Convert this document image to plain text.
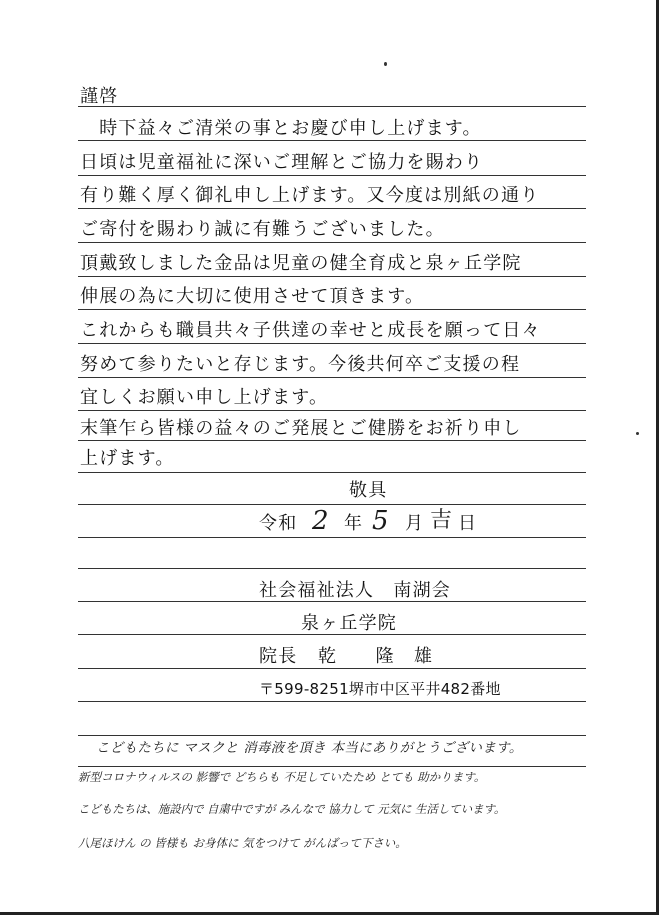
謹啓
　時下益々ご清栄の事とお慶び申し上げます。
日頃は児童福祉に深いご理解とご協力を賜わり
有り難く厚く御礼申し上げます。又今度は別紙の通り
ご寄付を賜わり誠に有難うございました。
頂戴致しました金品は児童の健全育成と泉ヶ丘学院
伸展の為に大切に使用させて頂きます。
これからも職員共々子供達の幸せと成長を願って日々
努めて参りたいと存じます。今後共何卒ご支援の程
宜しくお願い申し上げます。
末筆乍ら皆様の益々のご発展とご健勝をお祈り申し
上げます。
敬具
令和 2 年 5 月 吉 日
社会福祉法人　南湖会
泉ヶ丘学院
院長 乾　　隆　雄
〒599-8251堺市中区平井482番地
こどもたちに マスクと 消毒液を頂き 本当にありがとうございます。
新型コロナウィルスの 影響で どちらも 不足していたため とても 助かります。
こどもたちは、施設内で 自粛中ですが みんなで 協力して 元気に 生活しています。
八尾ほけん の 皆様も お身体に 気をつけて がんばって下さい。
